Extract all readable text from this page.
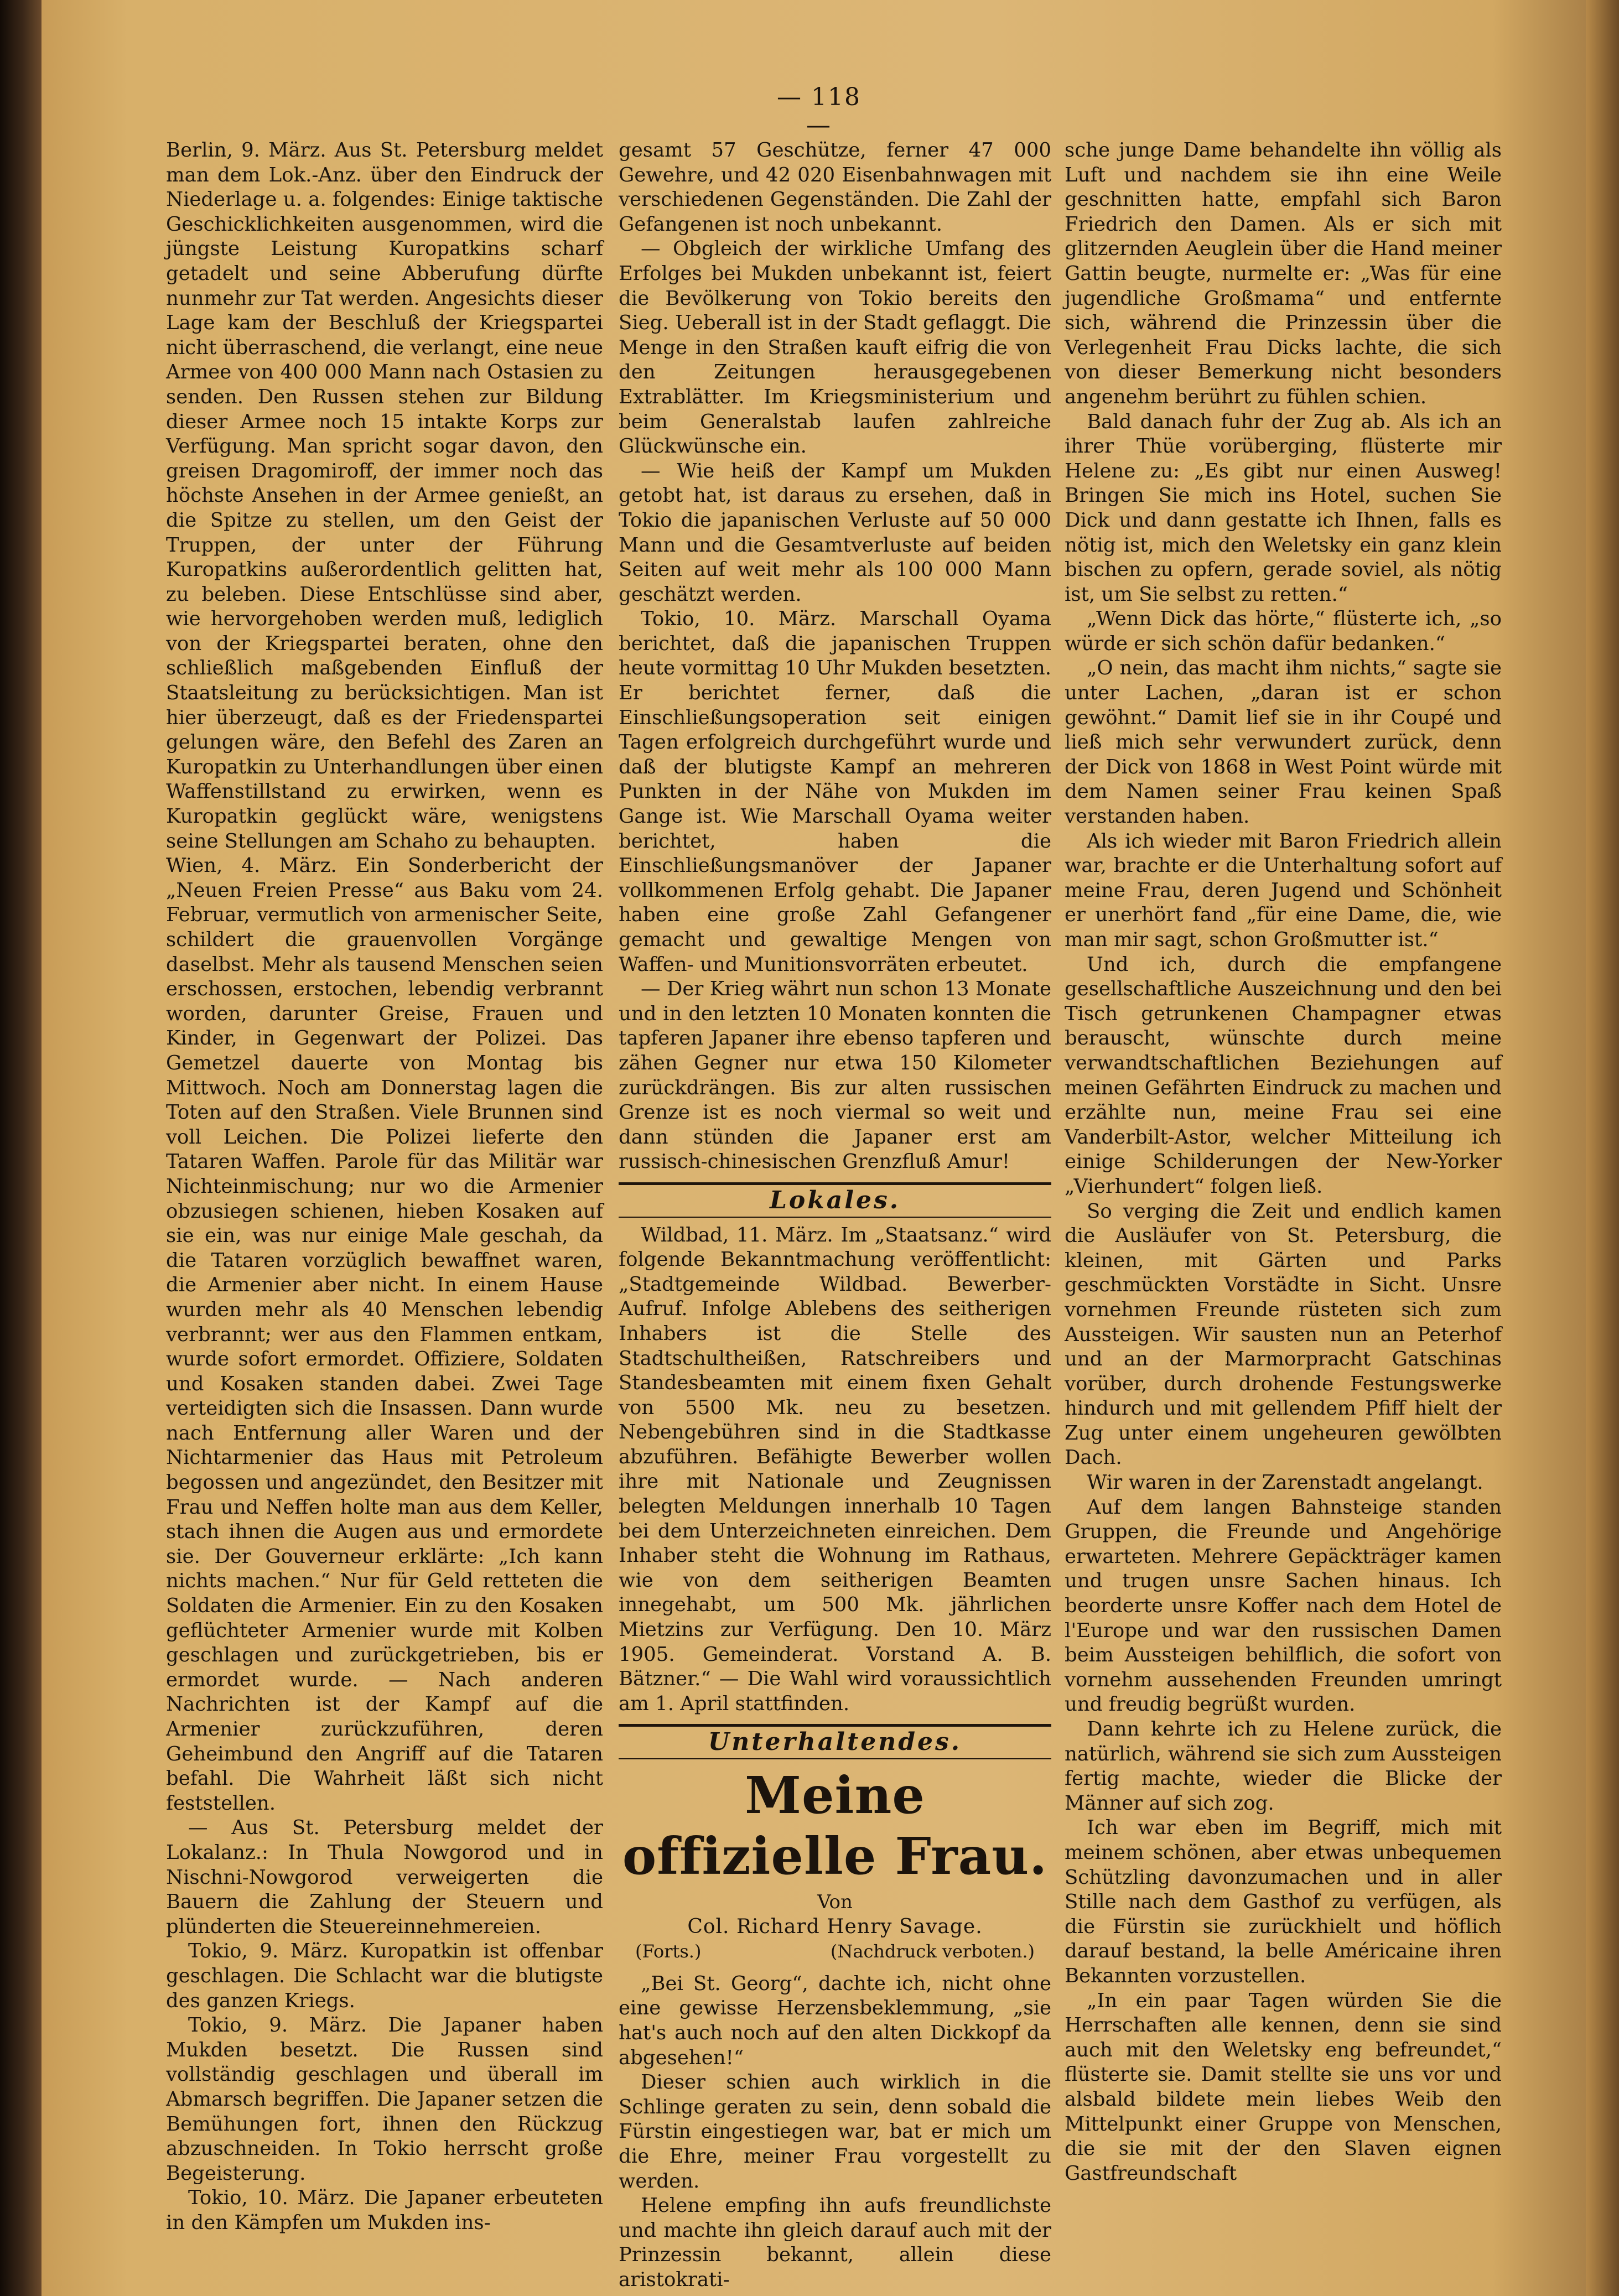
— 118 —

Berlin, 9. März. Aus St. Petersburg meldet man dem Lok.-Anz. über den Eindruck der Niederlage u. a. folgendes: Einige taktische Geschicklichkeiten ausgenommen, wird die jüngste Leistung Kuropatkins scharf getadelt und seine Abberufung dürfte nunmehr zur Tat werden. Angesichts dieser Lage kam der Beschluß der Kriegspartei nicht überraschend, die verlangt, eine neue Armee von 400 000 Mann nach Ostasien zu senden. Den Russen stehen zur Bildung dieser Armee noch 15 intakte Korps zur Verfügung. Man spricht sogar davon, den greisen Dragomiroff, der immer noch das höchste Ansehen in der Armee genießt, an die Spitze zu stellen, um den Geist der Truppen, der unter der Führung Kuropatkins außerordentlich gelitten hat, zu beleben. Diese Entschlüsse sind aber, wie hervorgehoben werden muß, lediglich von der Kriegspartei beraten, ohne den schließlich maßgebenden Einfluß der Staatsleitung zu berücksichtigen. Man ist hier überzeugt, daß es der Friedenspartei gelungen wäre, den Befehl des Zaren an Kuropatkin zu Unterhandlungen über einen Waffenstillstand zu erwirken, wenn es Kuropatkin geglückt wäre, wenigstens seine Stellungen am Schaho zu behaupten.

Wien, 4. März. Ein Sonderbericht der „Neuen Freien Presse“ aus Baku vom 24. Februar, vermutlich von armenischer Seite, schildert die grauenvollen Vorgänge daselbst. Mehr als tausend Menschen seien erschossen, erstochen, lebendig verbrannt worden, darunter Greise, Frauen und Kinder, in Gegenwart der Polizei. Das Gemetzel dauerte von Montag bis Mittwoch. Noch am Donnerstag lagen die Toten auf den Straßen. Viele Brunnen sind voll Leichen. Die Polizei lieferte den Tataren Waffen. Parole für das Militär war Nichteinmischung; nur wo die Armenier obzusiegen schienen, hieben Kosaken auf sie ein, was nur einige Male geschah, da die Tataren vorzüglich bewaffnet waren, die Armenier aber nicht. In einem Hause wurden mehr als 40 Menschen lebendig verbrannt; wer aus den Flammen entkam, wurde sofort ermordet. Offiziere, Soldaten und Kosaken standen dabei. Zwei Tage verteidigten sich die Insassen. Dann wurde nach Entfernung aller Waren und der Nichtarmenier das Haus mit Petroleum begossen und angezündet, den Besitzer mit Frau und Neffen holte man aus dem Keller, stach ihnen die Augen aus und ermordete sie. Der Gouverneur erklärte: „Ich kann nichts machen.“ Nur für Geld retteten die Soldaten die Armenier. Ein zu den Kosaken geflüchteter Armenier wurde mit Kolben geschlagen und zurückgetrieben, bis er ermordet wurde. — Nach anderen Nachrichten ist der Kampf auf die Armenier zurückzuführen, deren Geheimbund den Angriff auf die Tataren befahl. Die Wahrheit läßt sich nicht feststellen.

— Aus St. Petersburg meldet der Lokalanz.: In Thula Nowgorod und in Nischni-Nowgorod verweigerten die Bauern die Zahlung der Steuern und plünderten die Steuereinnehmereien.

Tokio, 9. März. Kuropatkin ist offenbar geschlagen. Die Schlacht war die blutigste des ganzen Kriegs.

Tokio, 9. März. Die Japaner haben Mukden besetzt. Die Russen sind vollständig geschlagen und überall im Abmarsch begriffen. Die Japaner setzen die Bemühungen fort, ihnen den Rückzug abzuschneiden. In Tokio herrscht große Begeisterung.

Tokio, 10. März. Die Japaner erbeuteten in den Kämpfen um Mukden ins-

gesamt 57 Geschütze, ferner 47 000 Gewehre, und 42 020 Eisenbahnwagen mit verschiedenen Gegenständen. Die Zahl der Gefangenen ist noch unbekannt.

— Obgleich der wirkliche Umfang des Erfolges bei Mukden unbekannt ist, feiert die Bevölkerung von Tokio bereits den Sieg. Ueberall ist in der Stadt geflaggt. Die Menge in den Straßen kauft eifrig die von den Zeitungen herausgegebenen Extrablätter. Im Kriegsministerium und beim Generalstab laufen zahlreiche Glückwünsche ein.

— Wie heiß der Kampf um Mukden getobt hat, ist daraus zu ersehen, daß in Tokio die japanischen Verluste auf 50 000 Mann und die Gesamtverluste auf beiden Seiten auf weit mehr als 100 000 Mann geschätzt werden.

Tokio, 10. März. Marschall Oyama berichtet, daß die japanischen Truppen heute vormittag 10 Uhr Mukden besetzten. Er berichtet ferner, daß die Einschließungsoperation seit einigen Tagen erfolgreich durchgeführt wurde und daß der blutigste Kampf an mehreren Punkten in der Nähe von Mukden im Gange ist. Wie Marschall Oyama weiter berichtet, haben die Einschließungsmanöver der Japaner vollkommenen Erfolg gehabt. Die Japaner haben eine große Zahl Gefangener gemacht und gewaltige Mengen von Waffen- und Munitionsvorräten erbeutet.

— Der Krieg währt nun schon 13 Monate und in den letzten 10 Monaten konnten die tapferen Japaner ihre ebenso tapferen und zähen Gegner nur etwa 150 Kilometer zurückdrängen. Bis zur alten russischen Grenze ist es noch viermal so weit und dann stünden die Japaner erst am russisch-chinesischen Grenzfluß Amur!

Lokales.

Wildbad, 11. März. Im „Staatsanz.“ wird folgende Bekanntmachung veröffentlicht: „Stadtgemeinde Wildbad. Bewerber-Aufruf. Infolge Ablebens des seitherigen Inhabers ist die Stelle des Stadtschultheißen, Ratschreibers und Standesbeamten mit einem fixen Gehalt von 5500 Mk. neu zu besetzen. Nebengebühren sind in die Stadtkasse abzuführen. Befähigte Bewerber wollen ihre mit Nationale und Zeugnissen belegten Meldungen innerhalb 10 Tagen bei dem Unterzeichneten einreichen. Dem Inhaber steht die Wohnung im Rathaus, wie von dem seitherigen Beamten innegehabt, um 500 Mk. jährlichen Mietzins zur Verfügung. Den 10. März 1905. Gemeinderat. Vorstand A. B. Bätzner.“ — Die Wahl wird voraussichtlich am 1. April stattfinden.

Unterhaltendes.
Meine offizielle Frau.
Von
Col. Richard Henry Savage.
(Forts.)	(Nachdruck verboten.)

„Bei St. Georg“, dachte ich, nicht ohne eine gewisse Herzensbeklemmung, „sie hat's auch noch auf den alten Dickkopf da abgesehen!“

Dieser schien auch wirklich in die Schlinge geraten zu sein, denn sobald die Fürstin eingestiegen war, bat er mich um die Ehre, meiner Frau vorgestellt zu werden.

Helene empfing ihn aufs freundlichste und machte ihn gleich darauf auch mit der Prinzessin bekannt, allein diese aristokrati-

sche junge Dame behandelte ihn völlig als Luft und nachdem sie ihn eine Weile geschnitten hatte, empfahl sich Baron Friedrich den Damen. Als er sich mit glitzernden Aeuglein über die Hand meiner Gattin beugte, nurmelte er: „Was für eine jugendliche Großmama“ und entfernte sich, während die Prinzessin über die Verlegenheit Frau Dicks lachte, die sich von dieser Bemerkung nicht besonders angenehm berührt zu fühlen schien.

Bald danach fuhr der Zug ab. Als ich an ihrer Thüe vorüberging, flüsterte mir Helene zu: „Es gibt nur einen Ausweg! Bringen Sie mich ins Hotel, suchen Sie Dick und dann gestatte ich Ihnen, falls es nötig ist, mich den Weletsky ein ganz klein bischen zu opfern, gerade soviel, als nötig ist, um Sie selbst zu retten.“

„Wenn Dick das hörte,“ flüsterte ich, „so würde er sich schön dafür bedanken.“

„O nein, das macht ihm nichts,“ sagte sie unter Lachen, „daran ist er schon gewöhnt.“ Damit lief sie in ihr Coupé und ließ mich sehr verwundert zurück, denn der Dick von 1868 in West Point würde mit dem Namen seiner Frau keinen Spaß verstanden haben.

Als ich wieder mit Baron Friedrich allein war, brachte er die Unterhaltung sofort auf meine Frau, deren Jugend und Schönheit er unerhört fand „für eine Dame, die, wie man mir sagt, schon Großmutter ist.“

Und ich, durch die empfangene gesellschaftliche Auszeichnung und den bei Tisch getrunkenen Champagner etwas berauscht, wünschte durch meine verwandtschaftlichen Beziehungen auf meinen Gefährten Eindruck zu machen und erzählte nun, meine Frau sei eine Vanderbilt-Astor, welcher Mitteilung ich einige Schilderungen der New-Yorker „Vierhundert“ folgen ließ.

So verging die Zeit und endlich kamen die Ausläufer von St. Petersburg, die kleinen, mit Gärten und Parks geschmückten Vorstädte in Sicht. Unsre vornehmen Freunde rüsteten sich zum Aussteigen. Wir sausten nun an Peterhof und an der Marmorpracht Gatschinas vorüber, durch drohende Festungswerke hindurch und mit gellendem Pfiff hielt der Zug unter einem ungeheuren gewölbten Dach.

Wir waren in der Zarenstadt angelangt.

Auf dem langen Bahnsteige standen Gruppen, die Freunde und Angehörige erwarteten. Mehrere Gepäckträger kamen und trugen unsre Sachen hinaus. Ich beorderte unsre Koffer nach dem Hotel de l'Europe und war den russischen Damen beim Aussteigen behilflich, die sofort von vornehm aussehenden Freunden umringt und freudig begrüßt wurden.

Dann kehrte ich zu Helene zurück, die natürlich, während sie sich zum Aussteigen fertig machte, wieder die Blicke der Männer auf sich zog.

Ich war eben im Begriff, mich mit meinem schönen, aber etwas unbequemen Schützling davonzumachen und in aller Stille nach dem Gasthof zu verfügen, als die Fürstin sie zurückhielt und höflich darauf bestand, la belle Américaine ihren Bekannten vorzustellen.

„In ein paar Tagen würden Sie die Herrschaften alle kennen, denn sie sind auch mit den Weletsky eng befreundet,“ flüsterte sie. Damit stellte sie uns vor und alsbald bildete mein liebes Weib den Mittelpunkt einer Gruppe von Menschen, die sie mit der den Slaven eignen Gastfreundschaft
